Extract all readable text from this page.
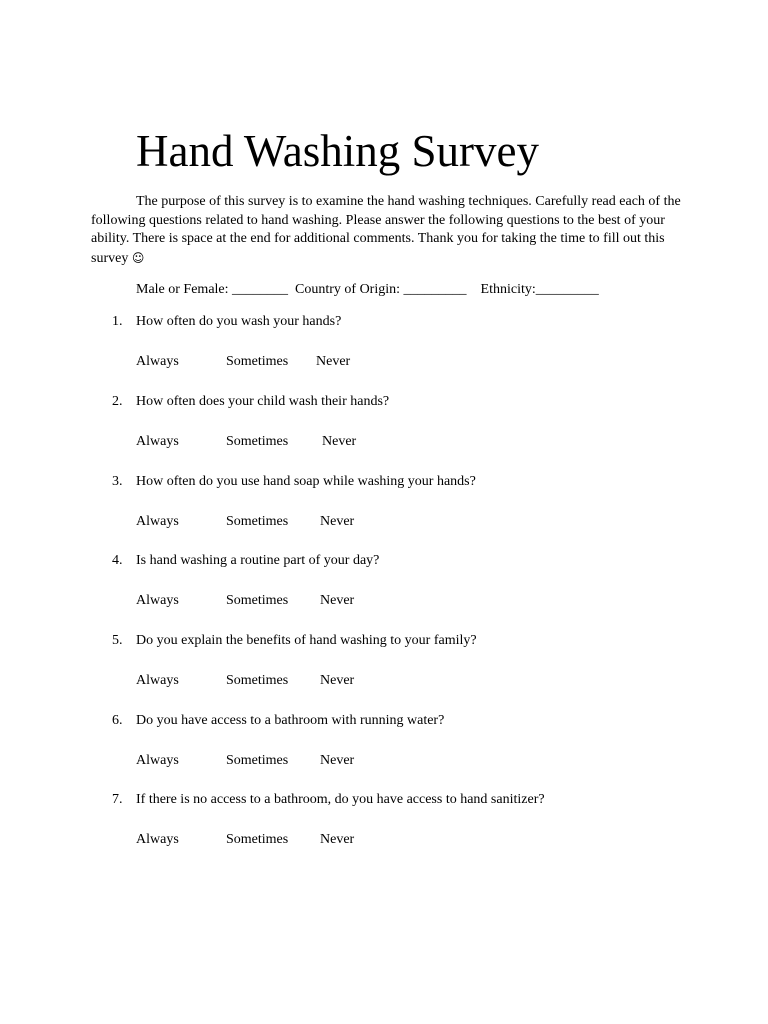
Hand Washing Survey
The purpose of this survey is to examine the hand washing techniques. Carefully read each of the
following questions related to hand washing. Please answer the following questions to the best of your
ability. There is space at the end for additional comments. Thank you for taking the time to fill out this
survey ☺
Male or Female: ________  Country of Origin: _________    Ethnicity:_________
1. How often do you wash your hands?
Always	Sometimes Never
2. How often does your child wash their hands?
Always	Sometimes Never
3. How often do you use hand soap while washing your hands?
Always	Sometimes Never
4. Is hand washing a routine part of your day?
Always	Sometimes Never
5. Do you explain the benefits of hand washing to your family?
Always	Sometimes Never
6. Do you have access to a bathroom with running water?
Always	Sometimes Never
7. If there is no access to a bathroom, do you have access to hand sanitizer?
Always	Sometimes Never
